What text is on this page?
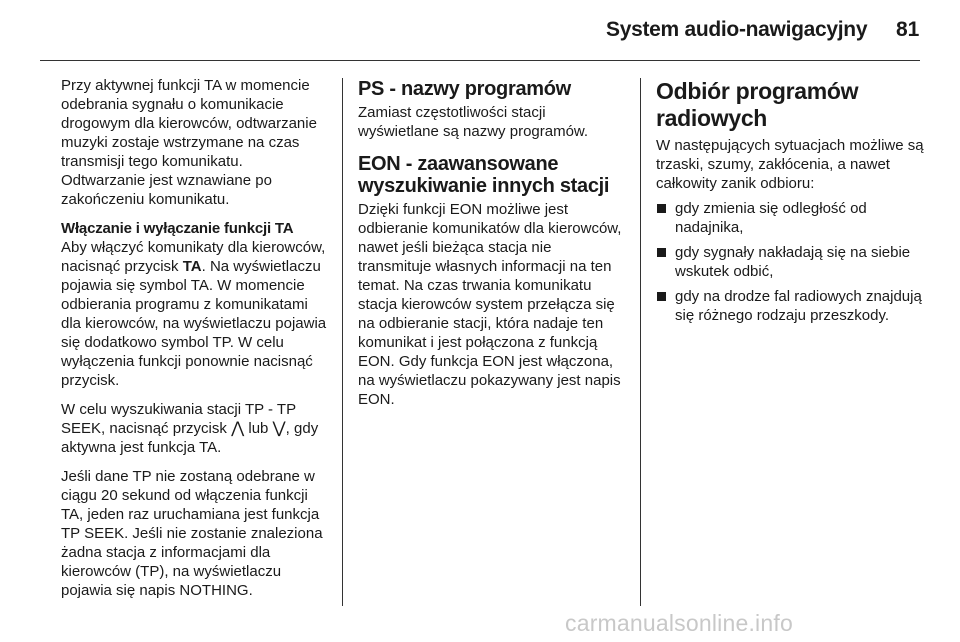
System audio-nawigacyjny 81

Przy aktywnej funkcji TA w momencie odebrania sygnału o komunikacie drogowym dla kierowców, odtwarzanie muzyki zostaje wstrzymane na czas transmisji tego komunikatu. Odtwarzanie jest wznawiane po zakończeniu komunikatu.

Włączanie i wyłączanie funkcji TA

Aby włączyć komunikaty dla kierowców, nacisnąć przycisk TA. Na wyświetlaczu pojawia się symbol TA. W momencie odbierania programu z komunikatami dla kierowców, na wyświetlaczu pojawia się dodatkowo symbol TP. W celu wyłączenia funkcji ponownie nacisnąć przycisk.

W celu wyszukiwania stacji TP - TP SEEK, nacisnąć przycisk ⋀ lub ⋁, gdy aktywna jest funkcja TA.

Jeśli dane TP nie zostaną odebrane w ciągu 20 sekund od włączenia funkcji TA, jeden raz uruchamiana jest funkcja TP SEEK. Jeśli nie zostanie znaleziona żadna stacja z informacjami dla kierowców (TP), na wyświetlaczu pojawia się napis NOTHING.

PS - nazwy programów

Zamiast częstotliwości stacji wyświetlane są nazwy programów.

EON - zaawansowane wyszukiwanie innych stacji

Dzięki funkcji EON możliwe jest odbieranie komunikatów dla kierowców, nawet jeśli bieżąca stacja nie transmituje własnych informacji na ten temat. Na czas trwania komunikatu stacja kierowców system przełącza się na odbieranie stacji, która nadaje ten komunikat i jest połączona z funkcją EON. Gdy funkcja EON jest włączona, na wyświetlaczu pokazywany jest napis EON.

Odbiór programów radiowych

W następujących sytuacjach możliwe są trzaski, szumy, zakłócenia, a nawet całkowity zanik odbioru:

gdy zmienia się odległość od nadajnika,
gdy sygnały nakładają się na siebie wskutek odbić,
gdy na drodze fal radiowych znajdują się różnego rodzaju przeszkody.
carmanualsonline.info
